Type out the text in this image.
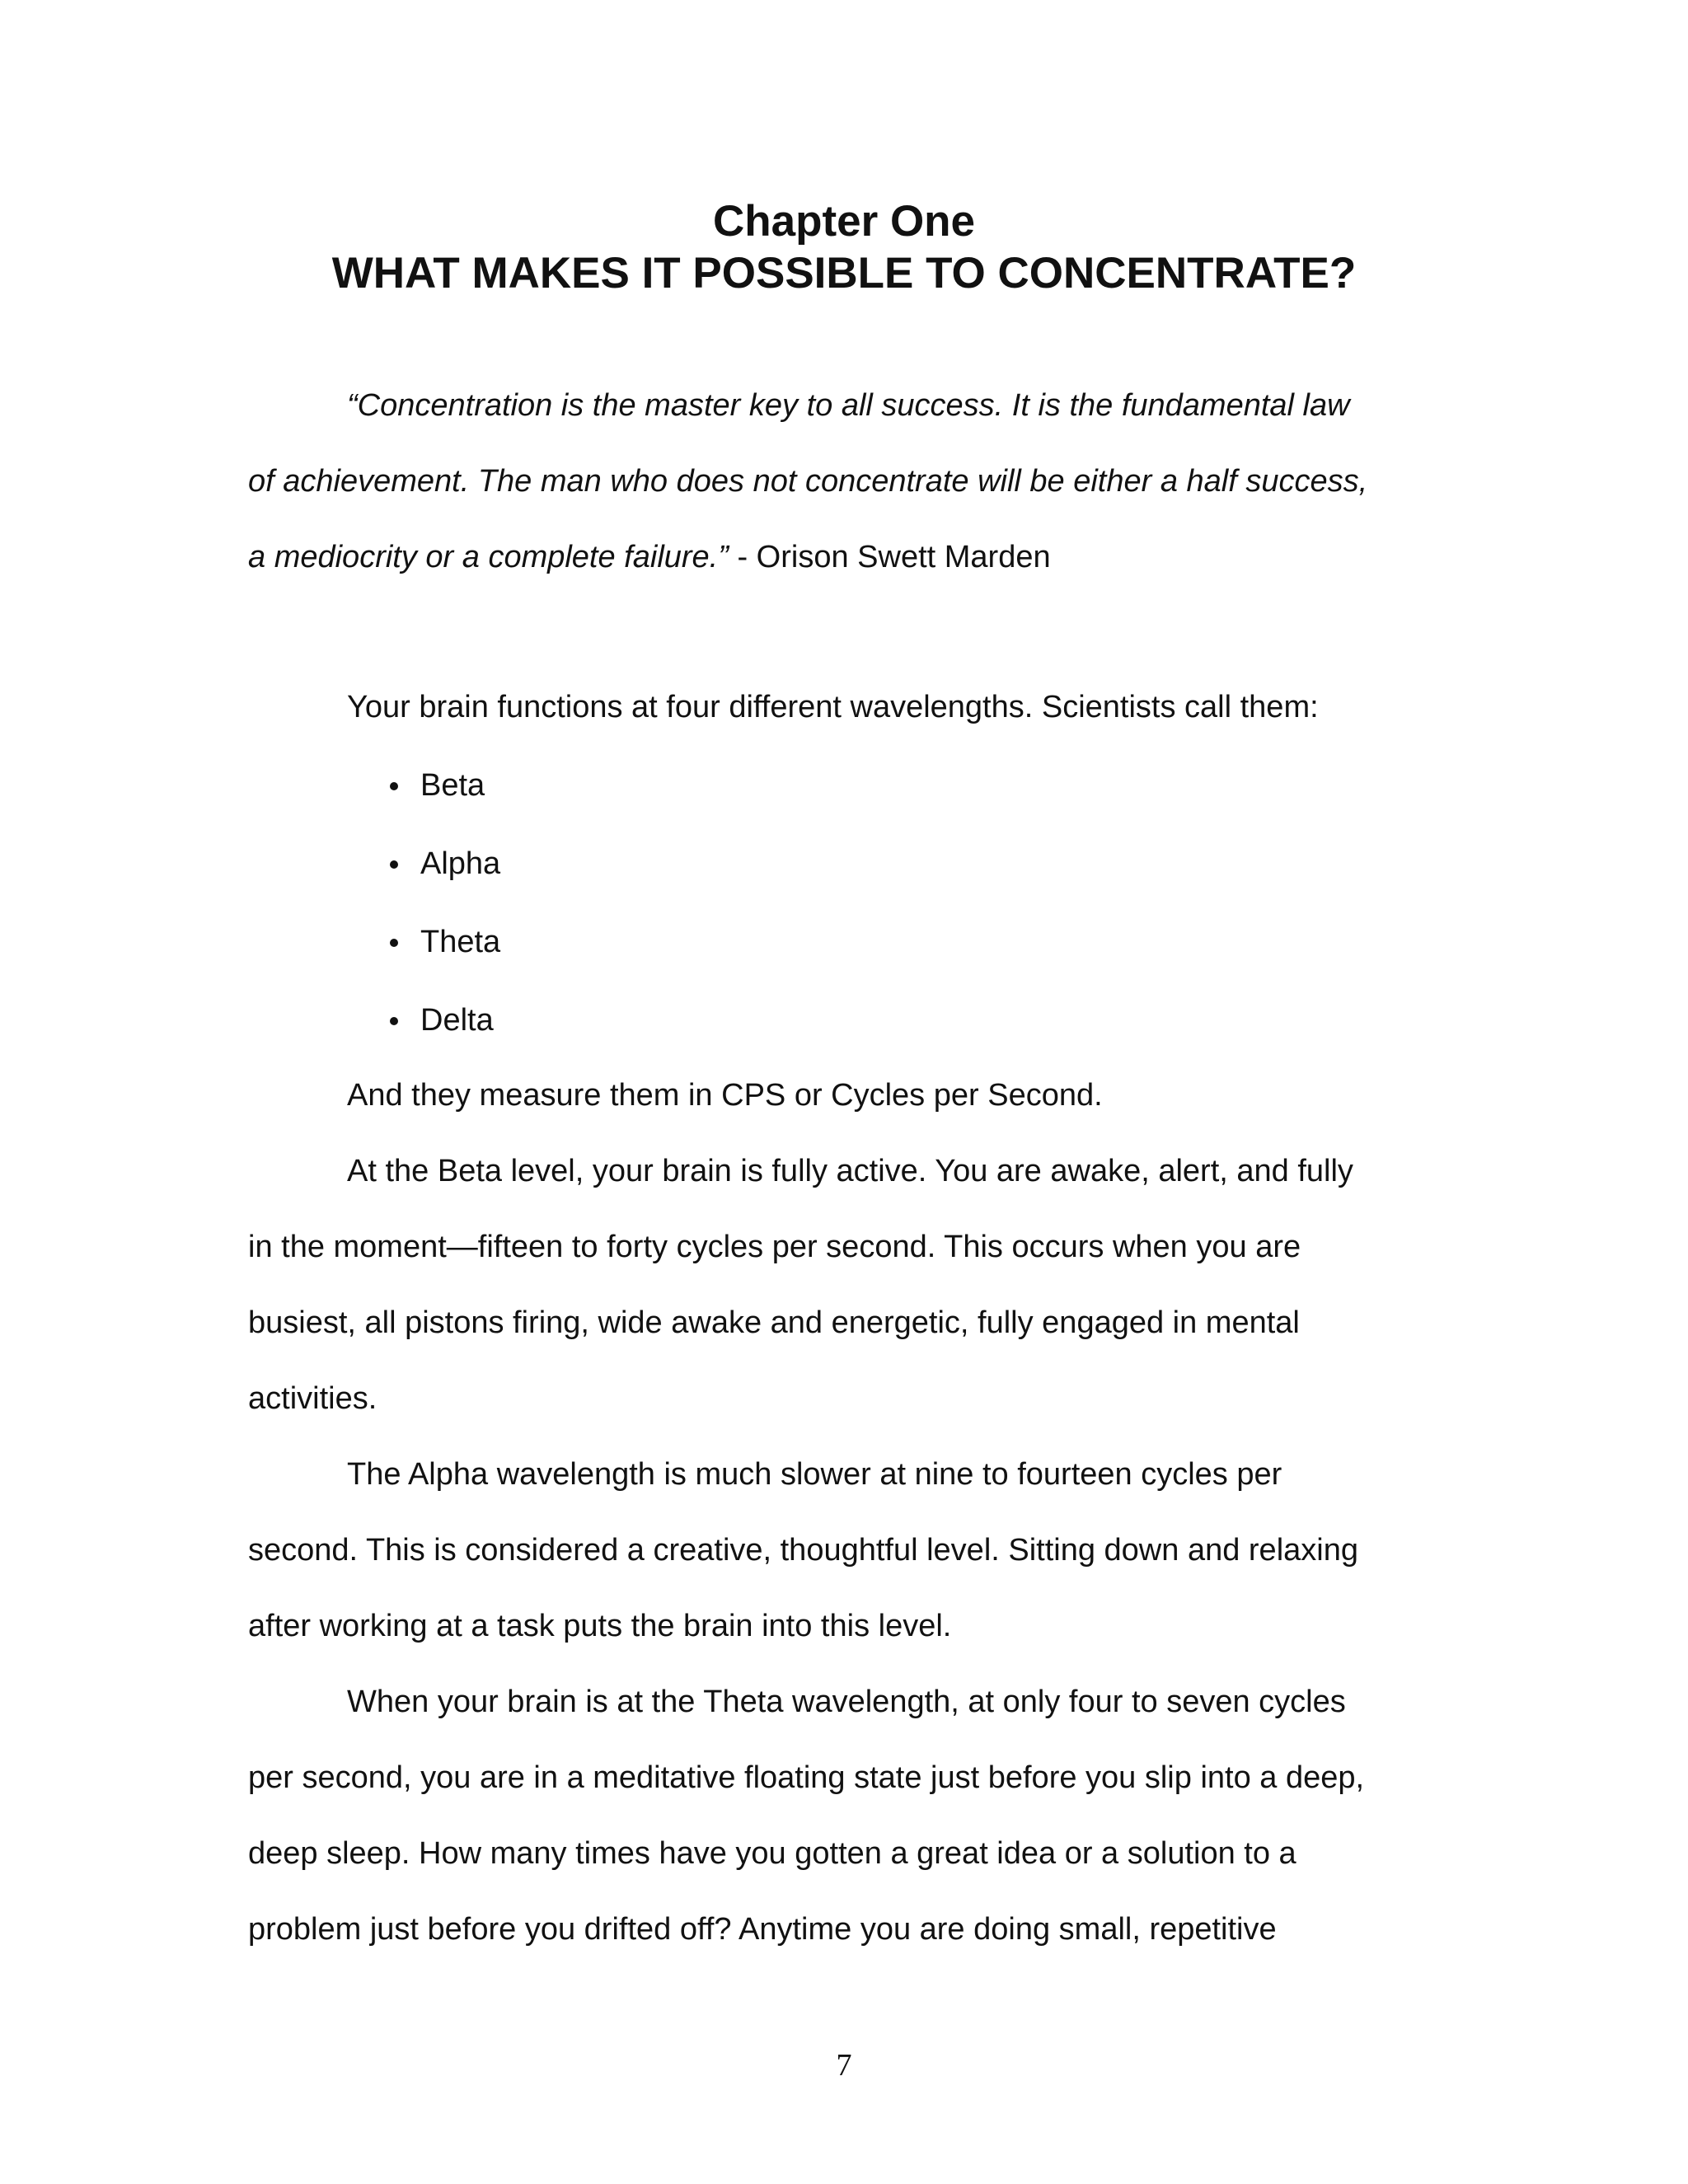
Chapter One
WHAT MAKES IT POSSIBLE TO CONCENTRATE?
“Concentration is the master key to all success. It is the fundamental law
of achievement. The man who does not concentrate will be either a half success,
a mediocrity or a complete failure.” - Orison Swett Marden
Your brain functions at four different wavelengths. Scientists call them:
Beta
Alpha
Theta
Delta
And they measure them in CPS or Cycles per Second.
At the Beta level, your brain is fully active. You are awake, alert, and fully
in the moment—fifteen to forty cycles per second. This occurs when you are
busiest, all pistons firing, wide awake and energetic, fully engaged in mental
activities.
The Alpha wavelength is much slower at nine to fourteen cycles per
second. This is considered a creative, thoughtful level. Sitting down and relaxing
after working at a task puts the brain into this level.
When your brain is at the Theta wavelength, at only four to seven cycles
per second, you are in a meditative floating state just before you slip into a deep,
deep sleep. How many times have you gotten a great idea or a solution to a
problem just before you drifted off? Anytime you are doing small, repetitive
7
